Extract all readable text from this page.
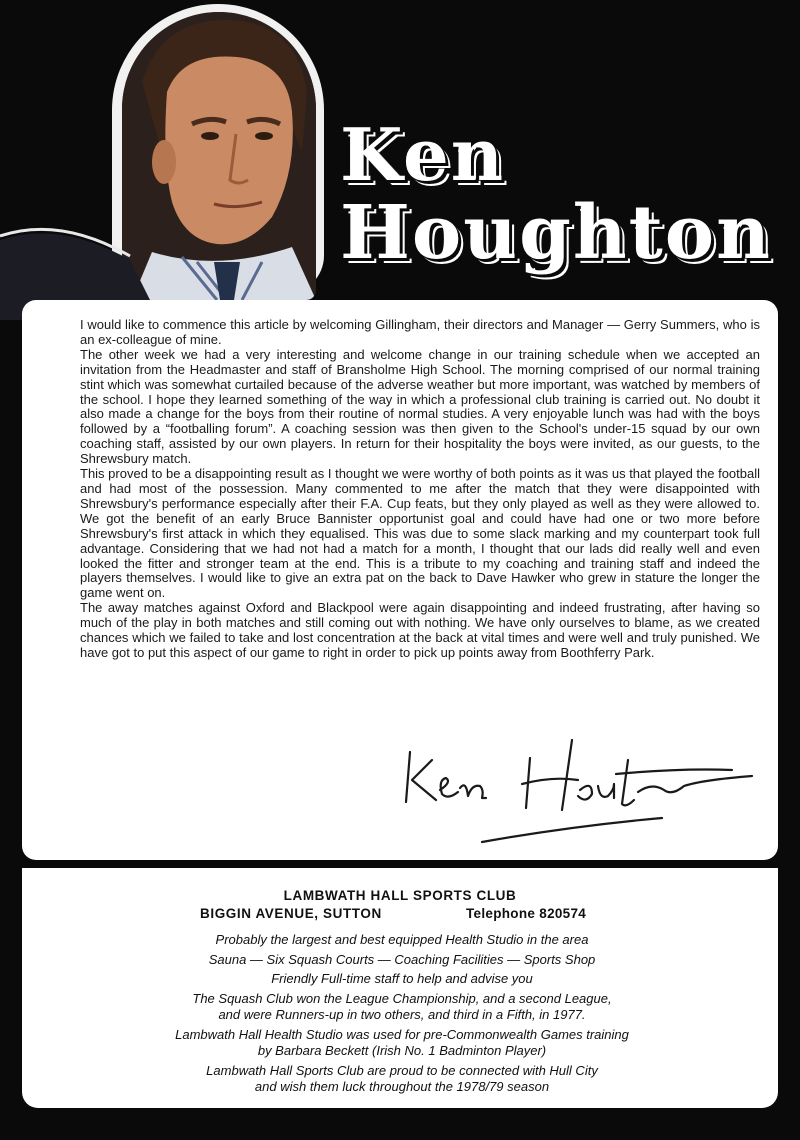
Ken
Houghton

I would like to commence this article by welcoming Gillingham, their directors and Manager — Gerry Summers, who is an ex-colleague of mine.

The other week we had a very interesting and welcome change in our training schedule when we accepted an invitation from the Headmaster and staff of Bransholme High School. The morning comprised of our normal training stint which was somewhat curtailed because of the adverse weather but more important, was watched by members of the school. I hope they learned something of the way in which a professional club training is carried out. No doubt it also made a change for the boys from their routine of normal studies. A very enjoyable lunch was had with the boys followed by a “footballing forum”. A coaching session was then given to the School's under-15 squad by our own coaching staff, assisted by our own players. In return for their hospitality the boys were invited, as our guests, to the Shrewsbury match.

This proved to be a disappointing result as I thought we were worthy of both points as it was us that played the football and had most of the possession. Many commented to me after the match that they were disappointed with Shrewsbury's performance especially after their F.A. Cup feats, but they only played as well as they were allowed to. We got the benefit of an early Bruce Bannister opportunist goal and could have had one or two more before Shrewsbury's first attack in which they equalised. This was due to some slack marking and my counterpart took full advantage. Considering that we had not had a match for a month, I thought that our lads did really well and even looked the fitter and stronger team at the end. This is a tribute to my coaching and training staff and indeed the players themselves. I would like to give an extra pat on the back to Dave Hawker who grew in stature the longer the game went on.

The away matches against Oxford and Blackpool were again disappointing and indeed frustrating, after having so much of the play in both matches and still coming out with nothing. We have only ourselves to blame, as we created chances which we failed to take and lost concentration at the back at vital times and were well and truly punished. We have got to put this aspect of our game to right in order to pick up points away from Boothferry Park.

LAMBWATH HALL SPORTS CLUB
BIGGIN AVENUE, SUTTON	Telephone 820574
Probably the largest and best equipped Health Studio in the area
Sauna — Six Squash Courts — Coaching Facilities — Sports Shop
Friendly Full-time staff to help and advise you
The Squash Club won the League Championship, and a second League,
and were Runners-up in two others, and third in a Fifth, in 1977.
Lambwath Hall Health Studio was used for pre-Commonwealth Games training
by Barbara Beckett (Irish No. 1 Badminton Player)
Lambwath Hall Sports Club are proud to be connected with Hull City
and wish them luck throughout the 1978/79 season
